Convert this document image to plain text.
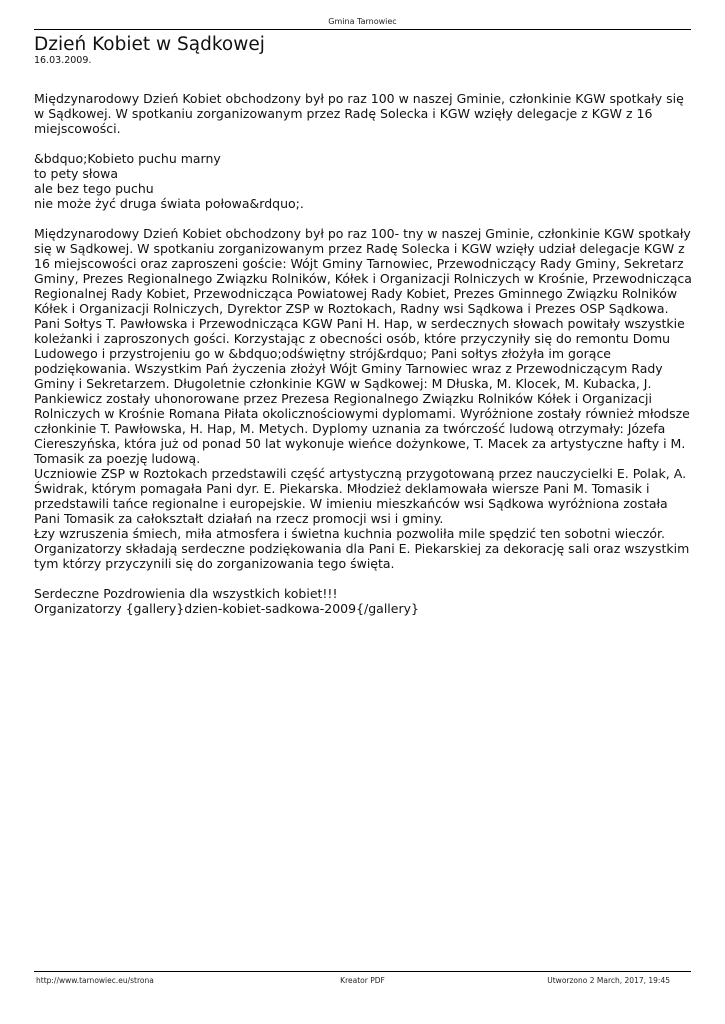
Gmina Tarnowiec
Dzień Kobiet w Sądkowej
16.03.2009.

Międzynarodowy Dzień Kobiet obchodzony był po raz 100 w naszej Gminie, członkinie KGW spotkały się w Sądkowej. W spotkaniu zorganizowanym przez Radę Solecka i KGW wzięły delegacje z KGW z 16 miejscowości.

&bdquo;Kobieto puchu marny
to pety słowa
ale bez tego puchu
nie może żyć druga świata połowa&rdquo;.

Międzynarodowy Dzień Kobiet obchodzony był po raz 100- tny w naszej Gminie, członkinie KGW spotkały się w Sądkowej. W spotkaniu zorganizowanym przez Radę Solecka i KGW wzięły udział delegacje KGW z 16 miejscowości oraz zaproszeni goście: Wójt Gminy Tarnowiec, Przewodniczący Rady Gminy, Sekretarz Gminy, Prezes Regionalnego Związku Rolników, Kółek i Organizacji Rolniczych w Krośnie, Przewodnicząca Regionalnej Rady Kobiet, Przewodnicząca Powiatowej Rady Kobiet, Prezes Gminnego Związku Rolników Kółek i Organizacji Rolniczych, Dyrektor ZSP w Roztokach, Radny wsi Sądkowa i Prezes OSP Sądkowa.

Pani Sołtys T. Pawłowska i Przewodnicząca KGW Pani H. Hap, w serdecznych słowach powitały wszystkie koleżanki i zaproszonych gości. Korzystając z obecności osób, które przyczyniły się do remontu Domu Ludowego i przystrojeniu go w &bdquo;odświętny strój&rdquo; Pani sołtys złożyła im gorące podziękowania. Wszystkim Pań życzenia złożył Wójt Gminy Tarnowiec wraz z Przewodniczącym Rady Gminy i Sekretarzem. Długoletnie członkinie KGW w Sądkowej: M Dłuska, M. Klocek, M. Kubacka, J. Pankiewicz zostały uhonorowane przez Prezesa Regionalnego Związku Rolników Kółek i Organizacji Rolniczych w Krośnie Romana Piłata okolicznościowymi dyplomami. Wyróżnione zostały również młodsze członkinie T. Pawłowska, H. Hap, M. Metych. Dyplomy uznania za twórczość ludową otrzymały: Józefa Ciereszyńska, która już od ponad 50 lat wykonuje wieńce dożynkowe, T. Macek za artystyczne hafty i M. Tomasik za poezję ludową.

Uczniowie ZSP w Roztokach przedstawili część artystyczną przygotowaną przez nauczycielki E. Polak, A. Świdrak, którym pomagała Pani dyr. E. Piekarska. Młodzież deklamowała wiersze Pani M. Tomasik i przedstawili tańce regionalne i europejskie. W imieniu mieszkańców wsi Sądkowa wyróżniona została Pani Tomasik za całokształt działań na rzecz promocji wsi i gminy.

Łzy wzruszenia śmiech, miła atmosfera i świetna kuchnia pozwoliła mile spędzić ten sobotni wieczór.

Organizatorzy składają serdeczne podziękowania dla Pani E. Piekarskiej za dekorację sali oraz wszystkim tym którzy przyczynili się do zorganizowania tego święta.

Serdeczne Pozdrowienia dla wszystkich kobiet!!!
Organizatorzy {gallery}dzien-kobiet-sadkowa-2009{/gallery}

http://www.tarnowiec.eu/strona	Kreator PDF	Utworzono 2 March, 2017, 19:45
